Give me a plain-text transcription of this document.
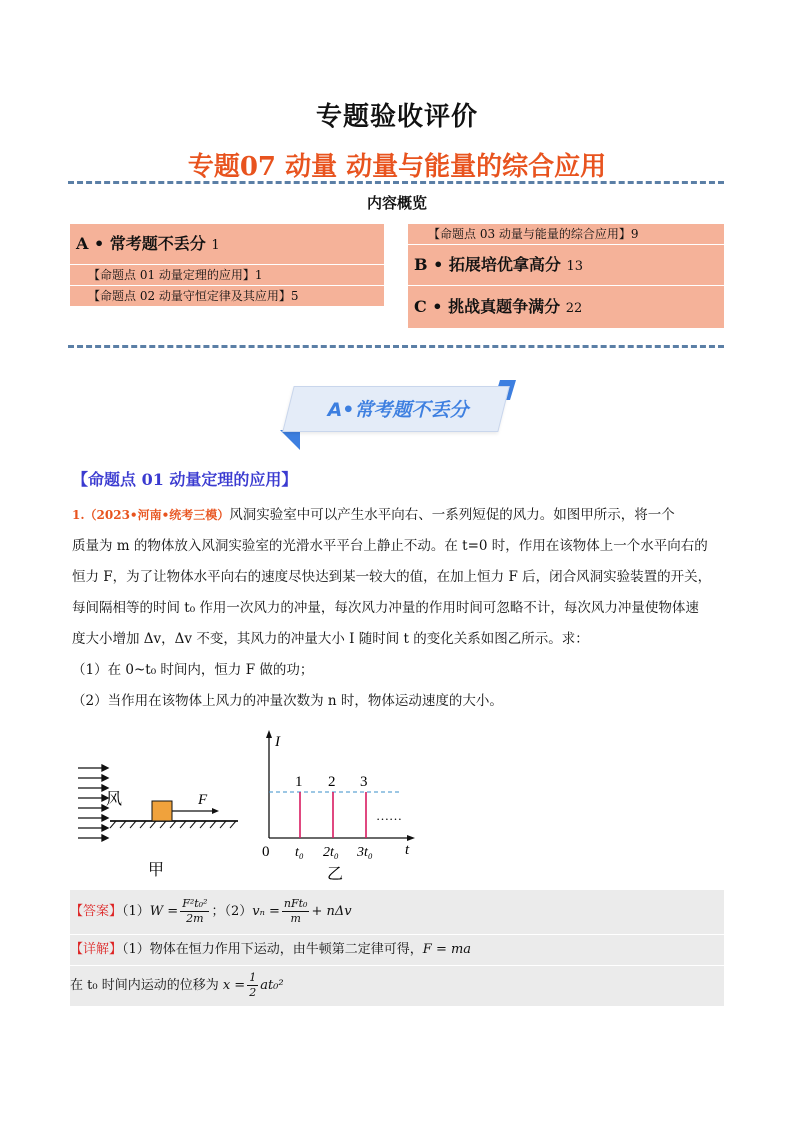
专题验收评价
专题07 动量 动量与能量的综合应用
内容概览
A • 常考题不丢分 1
【命题点 01 动量定理的应用】1
【命题点 02 动量守恒定律及其应用】5
【命题点 03 动量与能量的综合应用】9
B • 拓展培优拿高分 13
C • 挑战真题争满分 22
A•常考题不丢分
【命题点 01 动量定理的应用】
1.（2023•河南•统考三模）风洞实验室中可以产生水平向右、一系列短促的风力。如图甲所示，将一个
质量为 m 的物体放入风洞实验室的光滑水平平台上静止不动。在 t=0 时，作用在该物体上一个水平向右的
恒力 F，为了让物体水平向右的速度尽快达到某一较大的值，在加上恒力 F 后，闭合风洞实验装置的开关，
每间隔相等的时间 t₀ 作用一次风力的冲量，每次风力冲量的作用时间可忽略不计，每次风力冲量使物体速
度大小增加 Δv，Δv 不变，其风力的冲量大小 I 随时间 t 的变化关系如图乙所示。求：
（1）在 0~t₀ 时间内，恒力 F 做的功；
（2）当作用在该物体上风力的冲量次数为 n 时，物体运动速度的大小。
风	F
甲
I
t
0
1 2 3
……
t₀ 2t₀ 3t₀
乙
【答案】$(1)W = \frac{\text{F²t₀²}}{2m}$ ；$(2)v_n = \frac{\text{nFt₀}}{m} + n\Delta v$
【详解】（1）物体在恒力作用下运动，由牛顿第二定律可得，F = ma
在 t₀ 时间内运动的位移为 $x = \frac{1}{2} at_0^2$
